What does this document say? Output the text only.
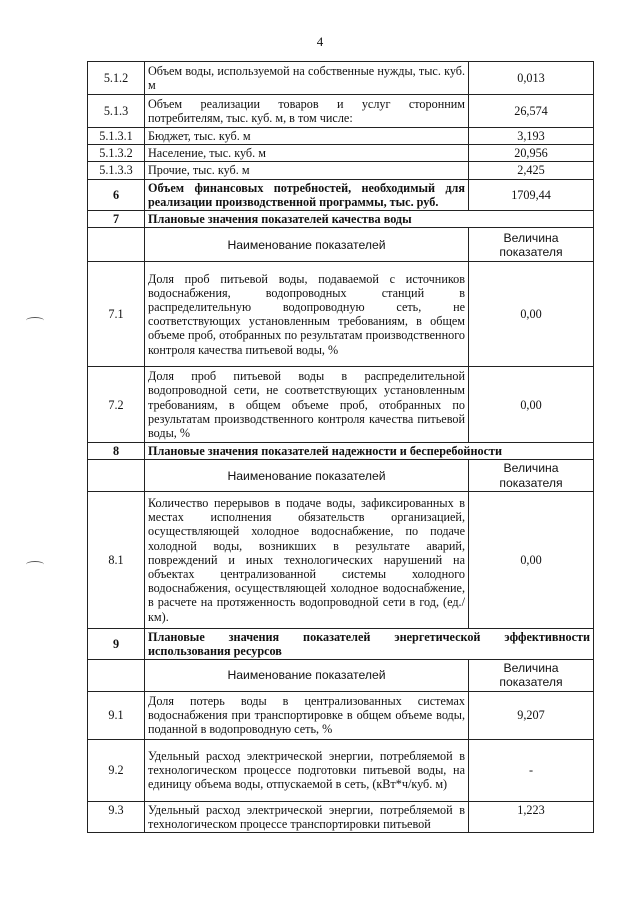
4
5.1.2	Объем воды, используемой на собственные нужды, тыс. куб. м	0,013
5.1.3	Объем реализации товаров и услуг сторонним потребителям, тыс. куб. м, в том числе:	26,574
5.1.3.1	Бюджет, тыс. куб. м	3,193
5.1.3.2	Население, тыс. куб. м	20,956
5.1.3.3	Прочие, тыс. куб. м	2,425
6	Объем финансовых потребностей, необходимый для реализации производственной программы, тыс. руб.	1709,44
7	Плановые значения показателей качества воды	
	Наименование показателей	Величина показателя
7.1	Доля проб питьевой воды, подаваемой с источников водоснабжения, водопроводных станций в распределительную водопроводную сеть, не соответствующих установленным требованиям, в общем объеме проб, отобранных по результатам производственного контроля качества питьевой воды, %	0,00
7.2	Доля проб питьевой воды в распределительной водопроводной сети, не соответствующих установленным требованиям, в общем объеме проб, отобранных по результатам производственного контроля качества питьевой воды, %	0,00
8	Плановые значения показателей надежности и бесперебойности	
	Наименование показателей	Величина показателя
8.1	Количество перерывов в подаче воды, зафиксированных в местах исполнения обязательств организацией, осуществляющей холодное водоснабжение, по подаче холодной воды, возникших в результате аварий, повреждений и иных технологических нарушений на объектах централизованной системы холодного водоснабжения, осуществляющей холодное водоснабжение, в расчете на протяженность водопроводной сети в год, (ед./км).	0,00
9	Плановые значения показателей энергетической эффективности использования ресурсов	
	Наименование показателей	Величина показателя
9.1	Доля потерь воды в централизованных системах водоснабжения при транспортировке в общем объеме воды, поданной в водопроводную сеть, %	9,207
9.2	Удельный расход электрической энергии, потребляемой в технологическом процессе подготовки питьевой воды, на единицу объема воды, отпускаемой в сеть, (кВт*ч/куб. м)	-
9.3	Удельный расход электрической энергии, потребляемой в технологическом процессе транспортировки питьевой	1,223
